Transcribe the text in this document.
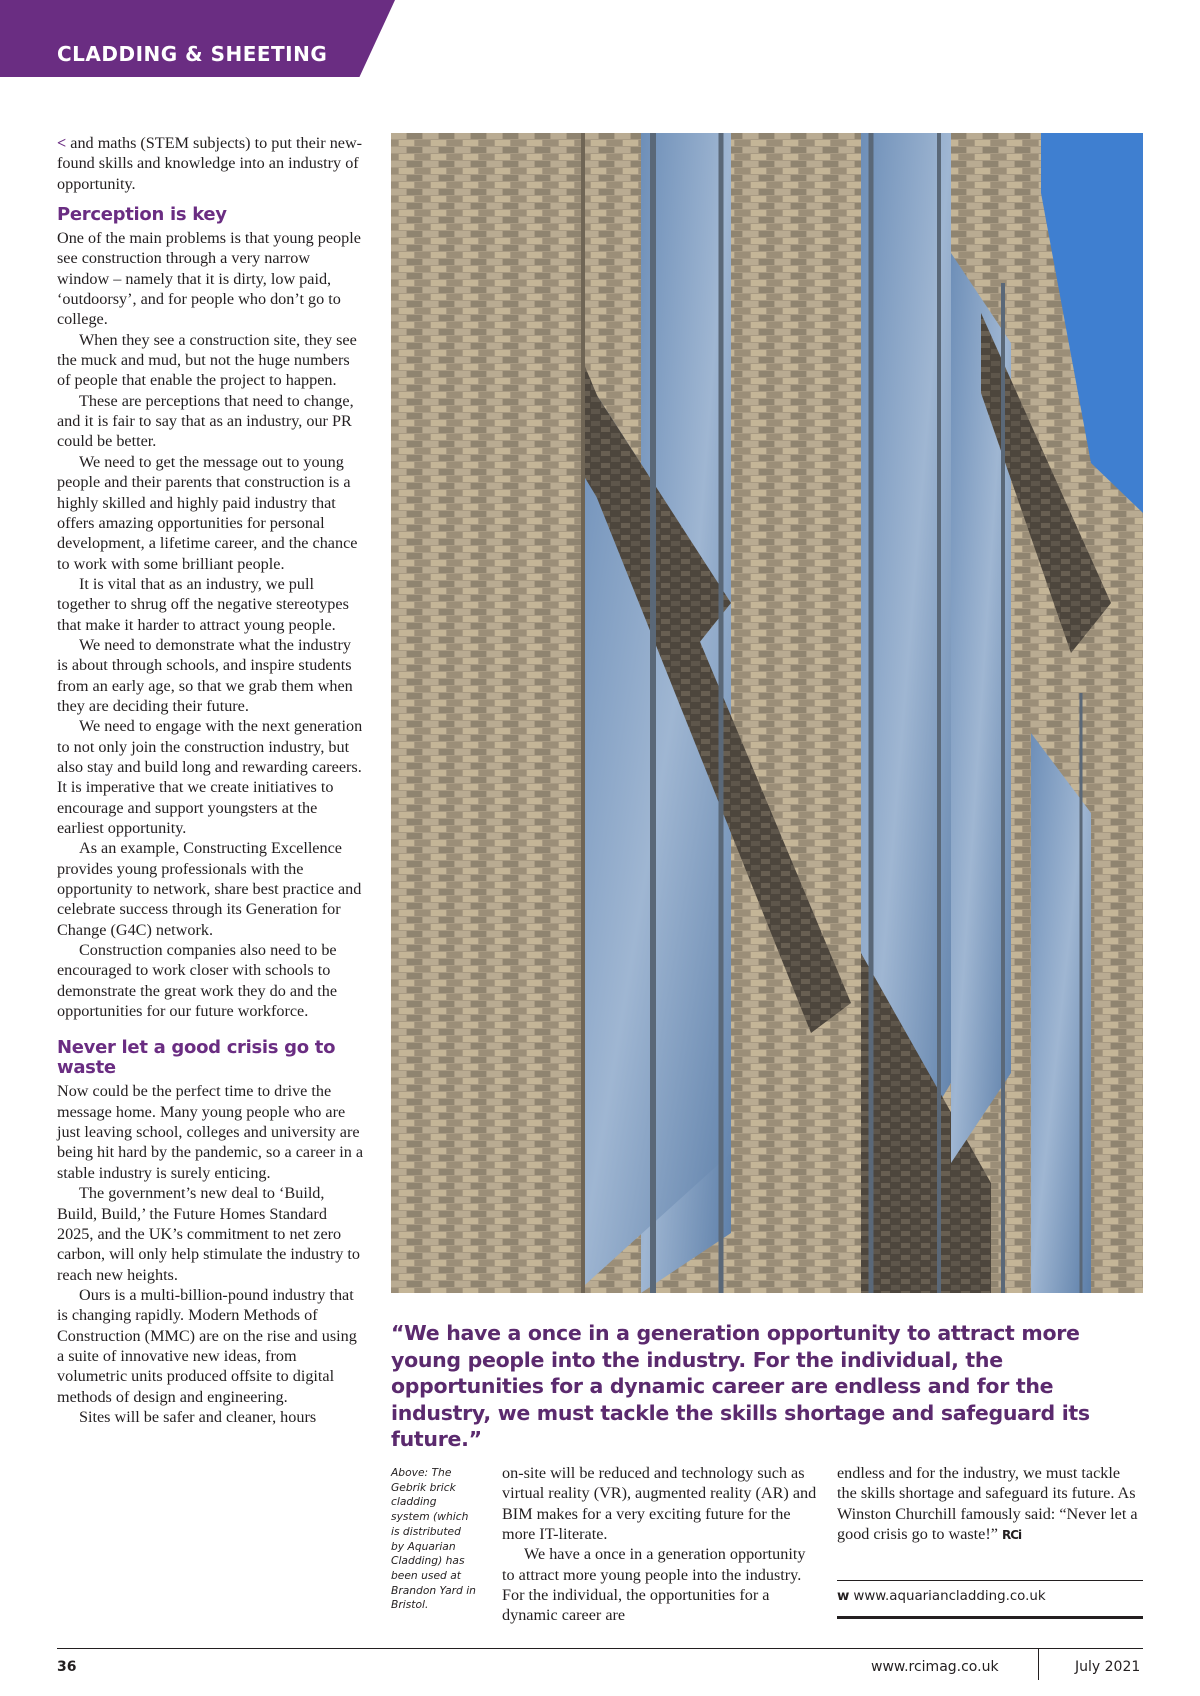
CLADDING & SHEETING

< and maths (STEM subjects) to put their new-found skills and knowledge into an industry of opportunity.

Perception is key

One of the main problems is that young people see construction through a very narrow window – namely that it is dirty, low paid, ‘outdoorsy’, and for people who don’t go to college.

When they see a construction site, they see the muck and mud, but not the huge numbers of people that enable the project to happen.

These are perceptions that need to change, and it is fair to say that as an industry, our PR could be better.

We need to get the message out to young people and their parents that construction is a highly skilled and highly paid industry that offers amazing opportunities for personal development, a lifetime career, and the chance to work with some brilliant people.

It is vital that as an industry, we pull together to shrug off the negative stereotypes that make it harder to attract young people.

We need to demonstrate what the industry is about through schools, and inspire students from an early age, so that we grab them when they are deciding their future.

We need to engage with the next generation to not only join the construction industry, but also stay and build long and rewarding careers. It is imperative that we create initiatives to encourage and support youngsters at the earliest opportunity.

As an example, Constructing Excellence provides young professionals with the opportunity to network, share best practice and celebrate success through its Generation for Change (G4C) network.

Construction companies also need to be encouraged to work closer with schools to demonstrate the great work they do and the opportunities for our future workforce.

Never let a good crisis go to waste

Now could be the perfect time to drive the message home. Many young people who are just leaving school, colleges and university are being hit hard by the pandemic, so a career in a stable industry is surely enticing.

The government’s new deal to ‘Build, Build, Build,’ the Future Homes Standard 2025, and the UK’s commitment to net zero carbon, will only help stimulate the industry to reach new heights.

Ours is a multi-billion-pound industry that is changing rapidly. Modern Methods of Construction (MMC) are on the rise and using a suite of innovative new ideas, from volumetric units produced offsite to digital methods of design and engineering.

Sites will be safer and cleaner, hours

“We have a once in a generation opportunity to attract more young people into the industry. For the individual, the opportunities for a dynamic career are endless and for the industry, we must tackle the skills shortage and safeguard its future.”
Above: The Gebrik brick cladding system (which is distributed by Aquarian Cladding) has been used at Brandon Yard in Bristol.

on-site will be reduced and technology such as virtual reality (VR), augmented reality (AR) and BIM makes for a very exciting future for the more IT-literate.

We have a once in a generation opportunity to attract more young people into the industry. For the individual, the opportunities for a dynamic career are

endless and for the industry, we must tackle the skills shortage and safeguard its future. As Winston Churchill famously said: “Never let a good crisis go to waste!” RCi

w www.aquariancladding.co.uk
36	www.rcimag.co.uk	July 2021
